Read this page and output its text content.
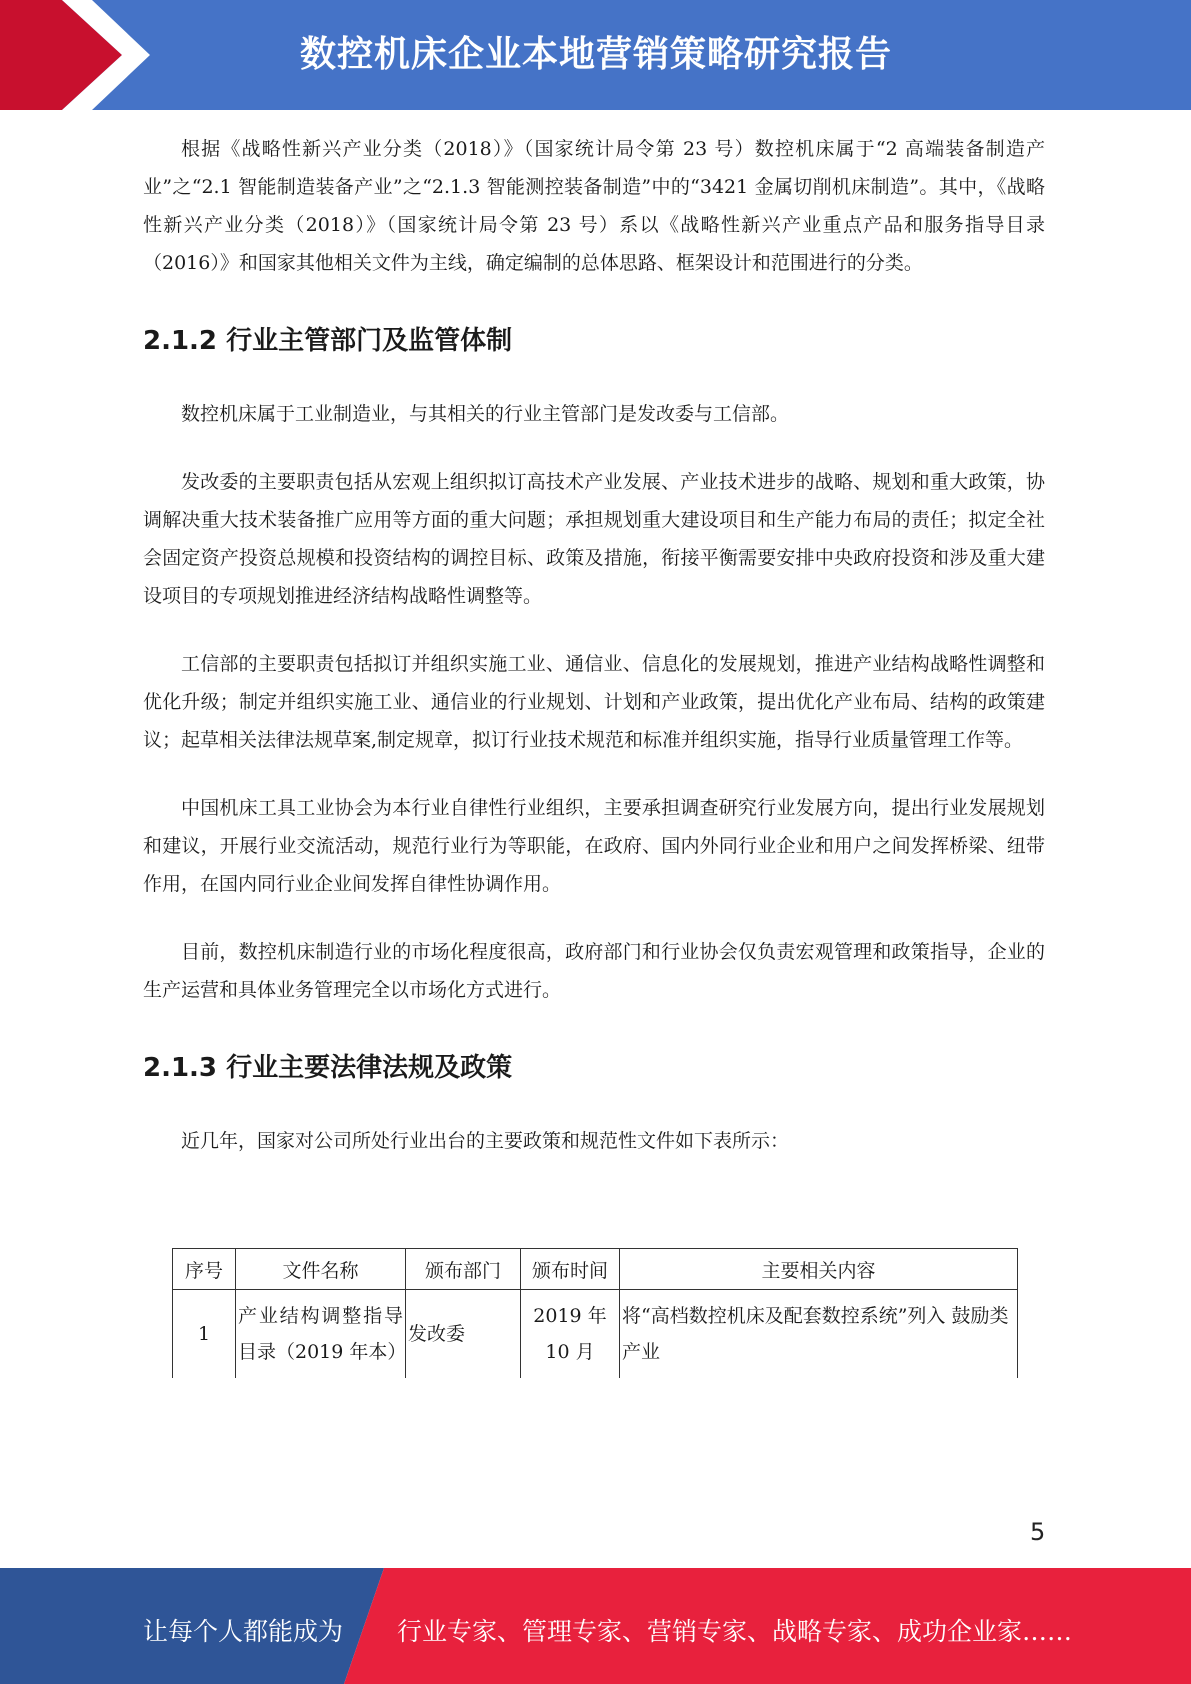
数控机床企业本地营销策略研究报告

根据《战略性新兴产业分类（2018）》（国家统计局令第 23 号）数控机床属于“2 高端装备制造产业”之“2.1 智能制造装备产业”之“2.1.3 智能测控装备制造”中的“3421 金属切削机床制造”。其中，《战略性新兴产业分类（2018）》（国家统计局令第 23 号）系以《战略性新兴产业重点产品和服务指导目录（2016）》和国家其他相关文件为主线，确定编制的总体思路、框架设计和范围进行的分类。

2.1.2 行业主管部门及监管体制

数控机床属于工业制造业，与其相关的行业主管部门是发改委与工信部。

发改委的主要职责包括从宏观上组织拟订高技术产业发展、产业技术进步的战略、规划和重大政策，协调解决重大技术装备推广应用等方面的重大问题；承担规划重大建设项目和生产能力布局的责任；拟定全社会固定资产投资总规模和投资结构的调控目标、政策及措施，衔接平衡需要安排中央政府投资和涉及重大建设项目的专项规划推进经济结构战略性调整等。

工信部的主要职责包括拟订并组织实施工业、通信业、信息化的发展规划，推进产业结构战略性调整和优化升级；制定并组织实施工业、通信业的行业规划、计划和产业政策，提出优化产业布局、结构的政策建议；起草相关法律法规草案,制定规章，拟订行业技术规范和标准并组织实施，指导行业质量管理工作等。

中国机床工具工业协会为本行业自律性行业组织，主要承担调查研究行业发展方向，提出行业发展规划和建议，开展行业交流活动，规范行业行为等职能，在政府、国内外同行业企业和用户之间发挥桥梁、纽带作用，在国内同行业企业间发挥自律性协调作用。

目前，数控机床制造行业的市场化程度很高，政府部门和行业协会仅负责宏观管理和政策指导，企业的生产运营和具体业务管理完全以市场化方式进行。

2.1.3 行业主要法律法规及政策

近几年，国家对公司所处行业出台的主要政策和规范性文件如下表所示：

序号	文件名称	颁布部门	颁布时间	主要相关内容
1	产业结构调整指导目录（2019 年本）	发改委	2019 年 10 月	将“高档数控机床及配套数控系统”列入 鼓励类产业
5
让每个人都能成为 行业专家、管理专家、营销专家、战略专家、成功企业家……
